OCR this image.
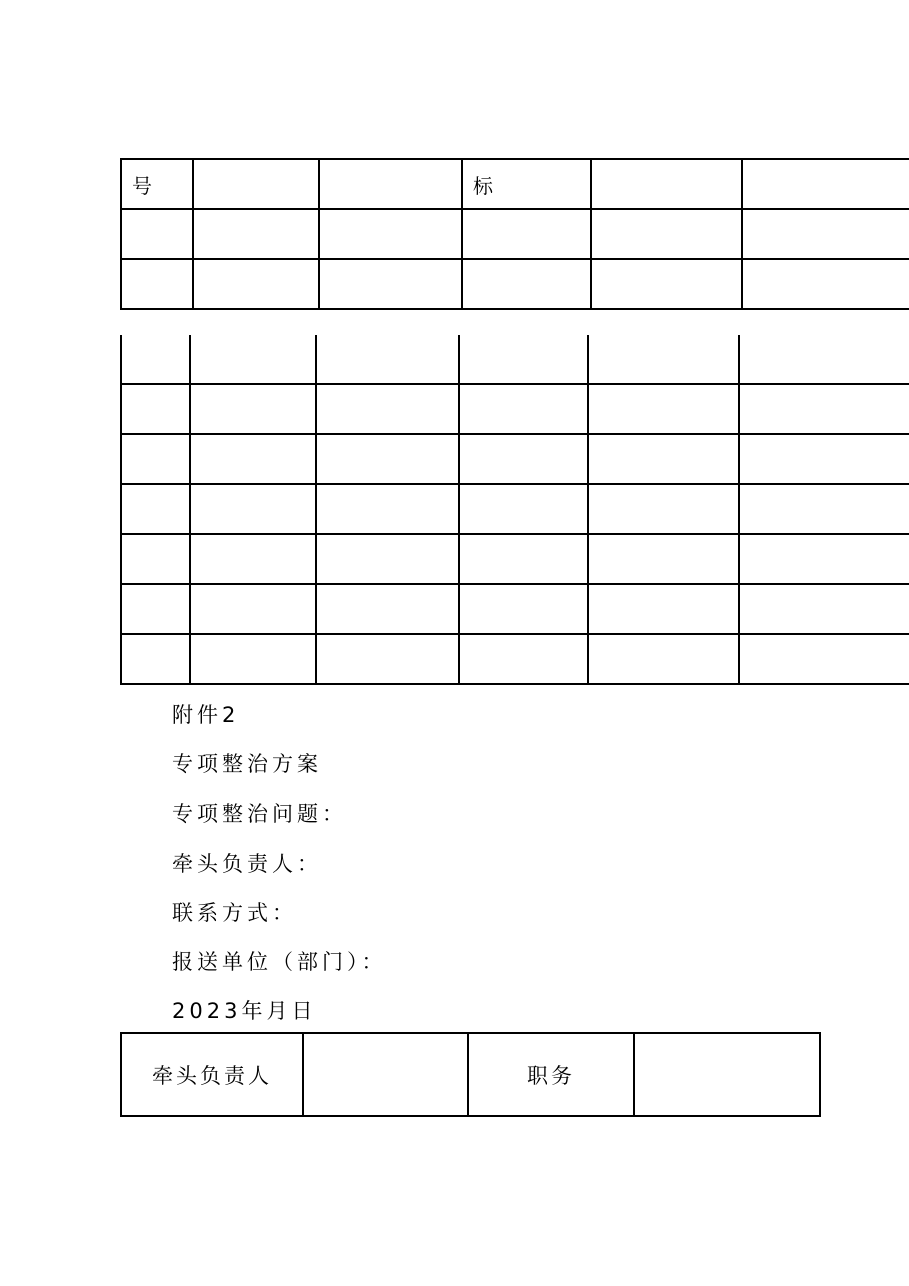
号			标		

附件2
专项整治方案
专项整治问题：
牵头负责人：
联系方式：
报送单位（部门）：
2023年月日
牵头负责人		职务	
